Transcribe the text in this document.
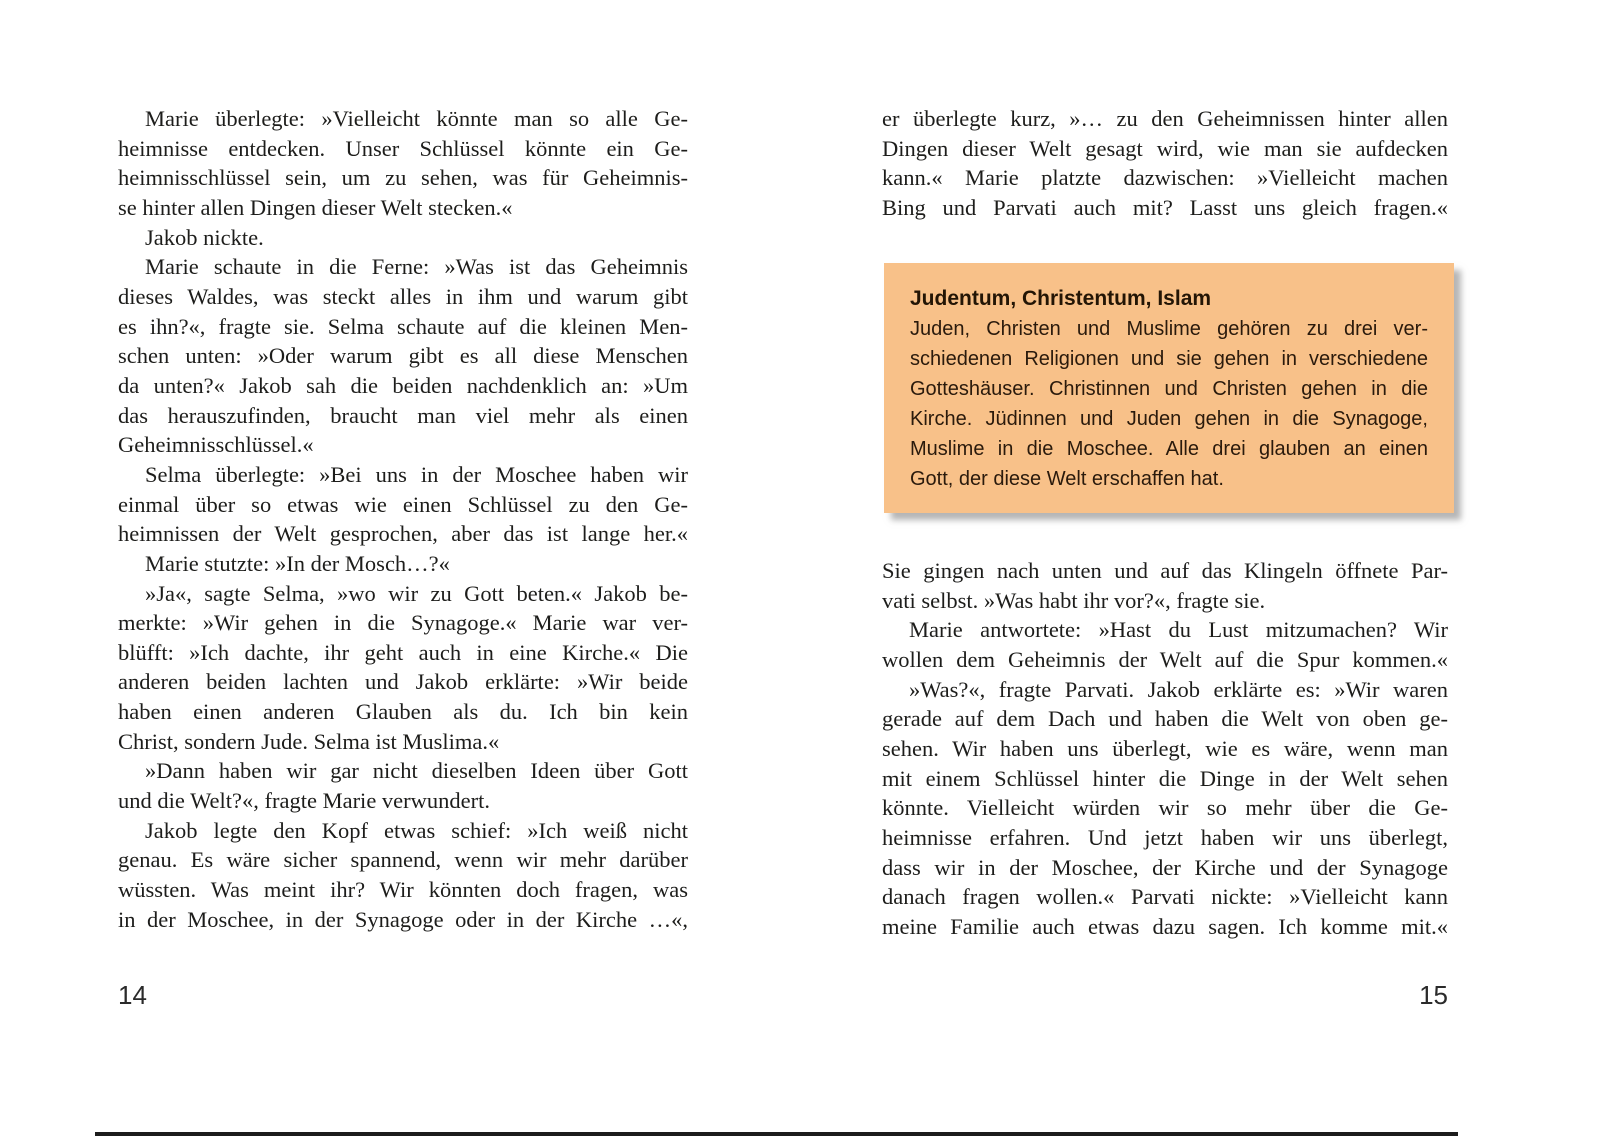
Marie überlegte: »Vielleicht könnte man so alle Ge-
heimnisse entdecken. Unser Schlüssel könnte ein Ge-
heimnisschlüssel sein, um zu sehen, was für Geheimnis-
se hinter allen Dingen dieser Welt stecken.«
Jakob nickte.
Marie schaute in die Ferne: »Was ist das Geheimnis
dieses Waldes, was steckt alles in ihm und warum gibt
es ihn?«, fragte sie. Selma schaute auf die kleinen Men-
schen unten: »Oder warum gibt es all diese Menschen
da unten?« Jakob sah die beiden nachdenklich an: »Um
das herauszufinden, braucht man viel mehr als einen
Geheimnisschlüssel.«
Selma überlegte: »Bei uns in der Moschee haben wir
einmal über so etwas wie einen Schlüssel zu den Ge-
heimnissen der Welt gesprochen, aber das ist lange her.«
Marie stutzte: »In der Mosch…?«
»Ja«, sagte Selma, »wo wir zu Gott beten.« Jakob be-
merkte: »Wir gehen in die Synagoge.« Marie war ver-
blüfft: »Ich dachte, ihr geht auch in eine Kirche.« Die
anderen beiden lachten und Jakob erklärte: »Wir beide
haben einen anderen Glauben als du. Ich bin kein
Christ, sondern Jude. Selma ist Muslima.«
»Dann haben wir gar nicht dieselben Ideen über Gott
und die Welt?«, fragte Marie verwundert.
Jakob legte den Kopf etwas schief: »Ich weiß nicht
genau. Es wäre sicher spannend, wenn wir mehr darüber
wüssten. Was meint ihr? Wir könnten doch fragen, was
in der Moschee, in der Synagoge oder in der Kirche …«,
er überlegte kurz, »… zu den Geheimnissen hinter allen
Dingen dieser Welt gesagt wird, wie man sie aufdecken
kann.« Marie platzte dazwischen: »Vielleicht machen
Bing und Parvati auch mit? Lasst uns gleich fragen.«
Judentum, Christentum, Islam
Juden, Christen und Muslime gehören zu drei ver-
schiedenen Religionen und sie gehen in verschiedene
Gotteshäuser. Christinnen und Christen gehen in die
Kirche. Jüdinnen und Juden gehen in die Synagoge,
Muslime in die Moschee. Alle drei glauben an einen
Gott, der diese Welt erschaffen hat.
Sie gingen nach unten und auf das Klingeln öffnete Par-
vati selbst. »Was habt ihr vor?«, fragte sie.
Marie antwortete: »Hast du Lust mitzumachen? Wir
wollen dem Geheimnis der Welt auf die Spur kommen.«
»Was?«, fragte Parvati. Jakob erklärte es: »Wir waren
gerade auf dem Dach und haben die Welt von oben ge-
sehen. Wir haben uns überlegt, wie es wäre, wenn man
mit einem Schlüssel hinter die Dinge in der Welt sehen
könnte. Vielleicht würden wir so mehr über die Ge-
heimnisse erfahren. Und jetzt haben wir uns überlegt,
dass wir in der Moschee, der Kirche und der Synagoge
danach fragen wollen.« Parvati nickte: »Vielleicht kann
meine Familie auch etwas dazu sagen. Ich komme mit.«
14	15
